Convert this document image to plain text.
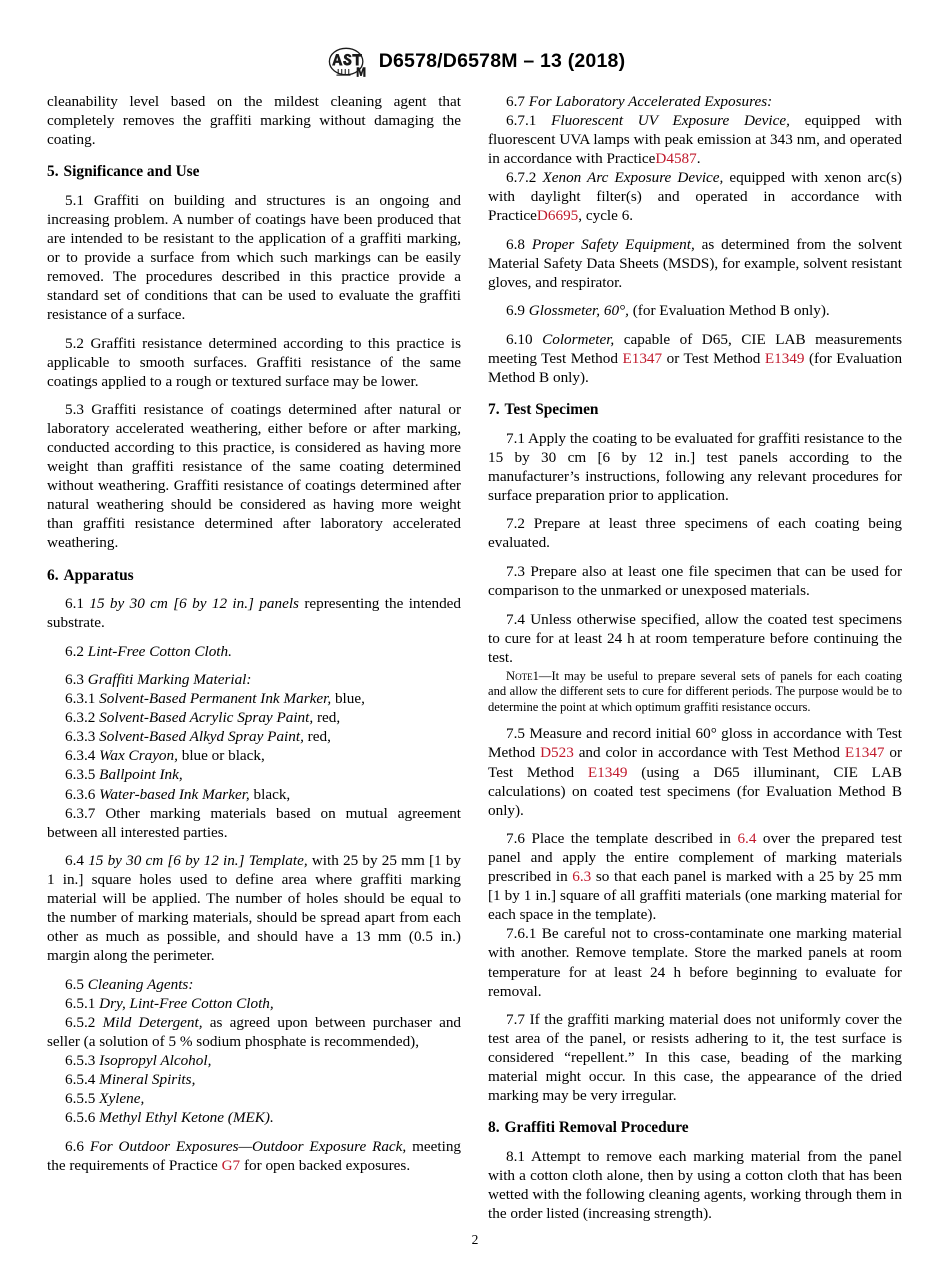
D6578/D6578M – 13 (2018)

cleanability level based on the mildest cleaning agent that completely removes the graffiti marking without damaging the coating.

5. Significance and Use

5.1 Graffiti on building and structures is an ongoing and increasing problem. A number of coatings have been produced that are intended to be resistant to the application of a graffiti marking, or to provide a surface from which such markings can be easily removed. The procedures described in this practice provide a standard set of conditions that can be used to evaluate the graffiti resistance of a surface.

5.2 Graffiti resistance determined according to this practice is applicable to smooth surfaces. Graffiti resistance of the same coatings applied to a rough or textured surface may be lower.

5.3 Graffiti resistance of coatings determined after natural or laboratory accelerated weathering, either before or after marking, conducted according to this practice, is considered as having more weight than graffiti resistance of the same coating determined without weathering. Graffiti resistance of coatings determined after natural weathering should be considered as having more weight than graffiti resistance determined after laboratory accelerated weathering.

6. Apparatus

6.1 15 by 30 cm [6 by 12 in.] panels representing the intended substrate.

6.2 Lint-Free Cotton Cloth.

6.3 Graffiti Marking Material:

6.3.1 Solvent-Based Permanent Ink Marker, blue,

6.3.2 Solvent-Based Acrylic Spray Paint, red,

6.3.3 Solvent-Based Alkyd Spray Paint, red,

6.3.4 Wax Crayon, blue or black,

6.3.5 Ballpoint Ink,

6.3.6 Water-based Ink Marker, black,

6.3.7 Other marking materials based on mutual agreement between all interested parties.

6.4 15 by 30 cm [6 by 12 in.] Template, with 25 by 25 mm [1 by 1 in.] square holes used to define area where graffiti marking material will be applied. The number of holes should be equal to the number of marking materials, should be spread apart from each other as much as possible, and should have a 13 mm (0.5 in.) margin along the perimeter.

6.5 Cleaning Agents:

6.5.1 Dry, Lint-Free Cotton Cloth,

6.5.2 Mild Detergent, as agreed upon between purchaser and seller (a solution of 5 % sodium phosphate is recommended),

6.5.3 Isopropyl Alcohol,

6.5.4 Mineral Spirits,

6.5.5 Xylene,

6.5.6 Methyl Ethyl Ketone (MEK).

6.6 For Outdoor Exposures—Outdoor Exposure Rack, meeting the requirements of Practice G7 for open backed exposures.

6.7 For Laboratory Accelerated Exposures:

6.7.1 Fluorescent UV Exposure Device, equipped with fluorescent UVA lamps with peak emission at 343 nm, and operated in accordance with PracticeD4587.

6.7.2 Xenon Arc Exposure Device, equipped with xenon arc(s) with daylight filter(s) and operated in accordance with PracticeD6695, cycle 6.

6.8 Proper Safety Equipment, as determined from the solvent Material Safety Data Sheets (MSDS), for example, solvent resistant gloves, and respirator.

6.9 Glossmeter, 60°, (for Evaluation Method B only).

6.10 Colormeter, capable of D65, CIE LAB measurements meeting Test Method E1347 or Test Method E1349 (for Evaluation Method B only).

7. Test Specimen

7.1 Apply the coating to be evaluated for graffiti resistance to the 15 by 30 cm [6 by 12 in.] test panels according to the manufacturer’s instructions, following any relevant procedures for surface preparation prior to application.

7.2 Prepare at least three specimens of each coating being evaluated.

7.3 Prepare also at least one file specimen that can be used for comparison to the unmarked or unexposed materials.

7.4 Unless otherwise specified, allow the coated test specimens to cure for at least 24 h at room temperature before continuing the test.

Note1—It may be useful to prepare several sets of panels for each coating and allow the different sets to cure for different periods. The purpose would be to determine the point at which optimum graffiti resistance occurs.

7.5 Measure and record initial 60° gloss in accordance with Test Method D523 and color in accordance with Test Method E1347 or Test Method E1349 (using a D65 illuminant, CIE LAB calculations) on coated test specimens (for Evaluation Method B only).

7.6 Place the template described in 6.4 over the prepared test panel and apply the entire complement of marking materials prescribed in 6.3 so that each panel is marked with a 25 by 25 mm [1 by 1 in.] square of all graffiti materials (one marking material for each space in the template).

7.6.1 Be careful not to cross-contaminate one marking material with another. Remove template. Store the marked panels at room temperature for at least 24 h before beginning to evaluate for removal.

7.7 If the graffiti marking material does not uniformly cover the test area of the panel, or resists adhering to it, the test surface is considered “repellent.” In this case, beading of the marking material might occur. In this case, the appearance of the dried marking may be very irregular.

8. Graffiti Removal Procedure

8.1 Attempt to remove each marking material from the panel with a cotton cloth alone, then by using a cotton cloth that has been wetted with the following cleaning agents, working through them in the order listed (increasing strength).

2
